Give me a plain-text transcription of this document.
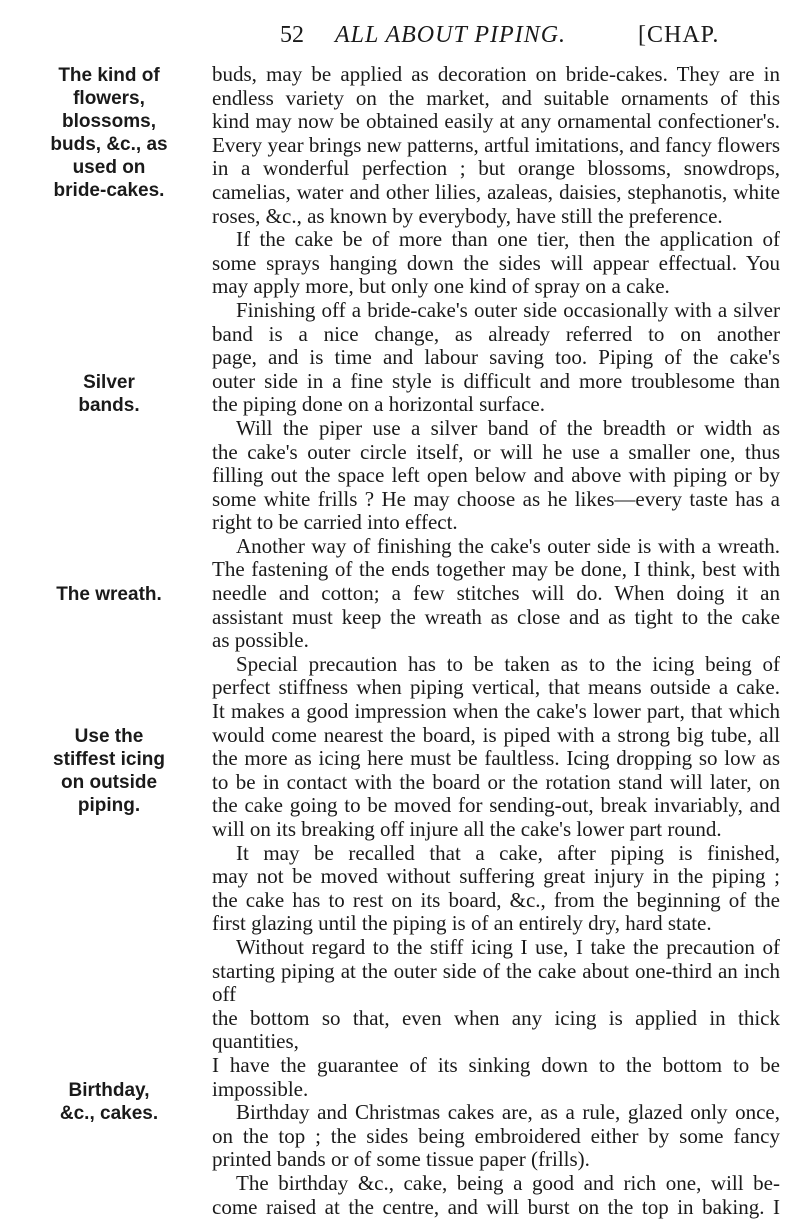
52 ALL ABOUT PIPING.	[CHAP.
The kind of
flowers,
blossoms,
buds, &c., as
used on
bride-cakes.
Silver
bands.
The wreath.
Use the
stiffest icing
on outside
piping.
Birthday,
&c., cakes.
buds, may be applied as decoration on bride-cakes. They are in
endless variety on the market, and suitable ornaments of this
kind may now be obtained easily at any ornamental confectioner's.
Every year brings new patterns, artful imitations, and fancy flowers
in a wonderful perfection ; but orange blossoms, snowdrops,
camelias, water and other lilies, azaleas, daisies, stephanotis, white
roses, &c., as known by everybody, have still the preference.
If the cake be of more than one tier, then the application of
some sprays hanging down the sides will appear effectual. You
may apply more, but only one kind of spray on a cake.
Finishing off a bride-cake's outer side occasionally with a silver
band is a nice change, as already referred to on another
page, and is time and labour saving too. Piping of the cake's
outer side in a fine style is difficult and more troublesome than
the piping done on a horizontal surface.
Will the piper use a silver band of the breadth or width as
the cake's outer circle itself, or will he use a smaller one, thus
filling out the space left open below and above with piping or by
some white frills ? He may choose as he likes—every taste has a
right to be carried into effect.
Another way of finishing the cake's outer side is with a wreath.
The fastening of the ends together may be done, I think, best with
needle and cotton; a few stitches will do. When doing it an
assistant must keep the wreath as close and as tight to the cake
as possible.
Special precaution has to be taken as to the icing being of
perfect stiffness when piping vertical, that means outside a cake.
It makes a good impression when the cake's lower part, that which
would come nearest the board, is piped with a strong big tube, all
the more as icing here must be faultless. Icing dropping so low as
to be in contact with the board or the rotation stand will later, on
the cake going to be moved for sending-out, break invariably, and
will on its breaking off injure all the cake's lower part round.
It may be recalled that a cake, after piping is finished,
may not be moved without suffering great injury in the piping ;
the cake has to rest on its board, &c., from the beginning of the
first glazing until the piping is of an entirely dry, hard state.
Without regard to the stiff icing I use, I take the precaution of
starting piping at the outer side of the cake about one-third an inch off
the bottom so that, even when any icing is applied in thick quantities,
I have the guarantee of its sinking down to the bottom to be
impossible.
Birthday and Christmas cakes are, as a rule, glazed only once,
on the top ; the sides being embroidered either by some fancy
printed bands or of some tissue paper (frills).
The birthday &c., cake, being a good and rich one, will be-
come raised at the centre, and will burst on the top in baking. I
